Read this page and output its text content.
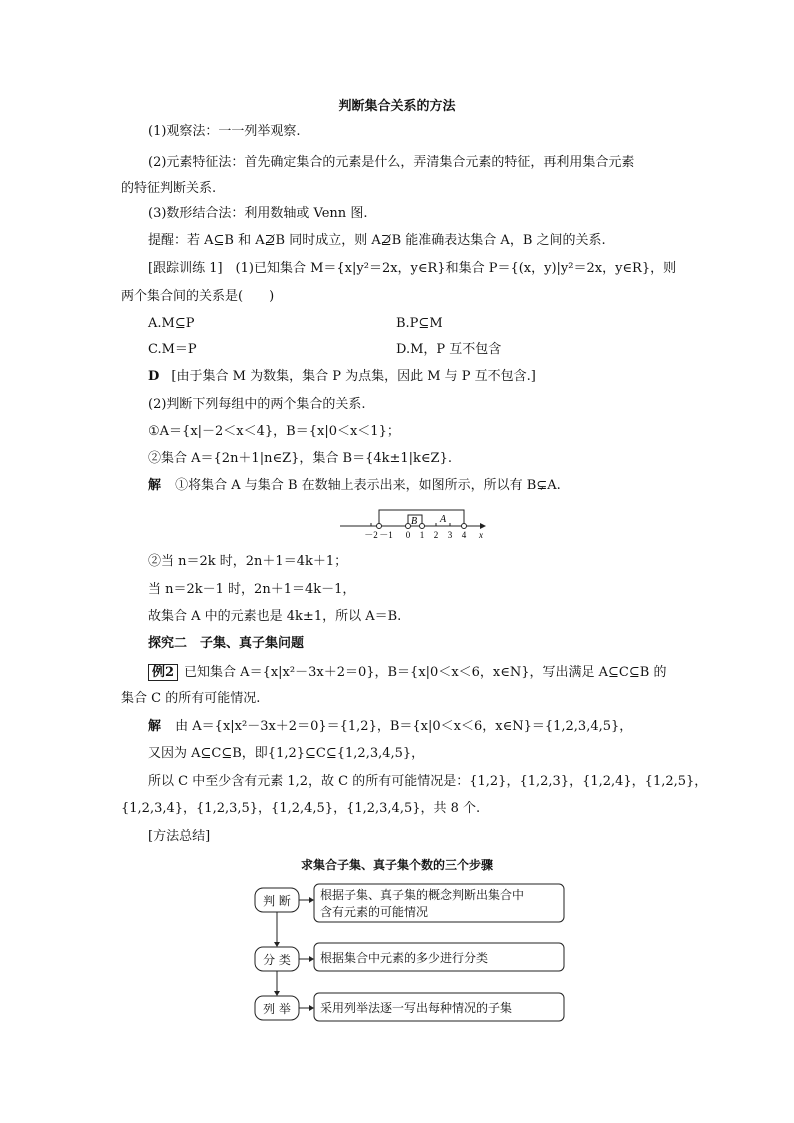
判断集合关系的方法
(1)观察法：一一列举观察.
(2)元素特征法：首先确定集合的元素是什么，弄清集合元素的特征，再利用集合元素
的特征判断关系.
(3)数形结合法：利用数轴或 Venn 图.
提醒：若 A⊆B 和 A⊉B 同时成立，则 A⊉B 能准确表达集合 A，B 之间的关系.
[跟踪训练 1]　(1)已知集合 M＝{x|y²＝2x，y∈R}和集合 P＝{(x，y)|y²＝2x，y∈R}，则
两个集合间的关系是(　　)
A.M⊆P	B.P⊆M
C.M＝P	D.M，P 互不包含
D [由于集合 M 为数集，集合 P 为点集，因此 M 与 P 互不包含.]
(2)判断下列每组中的两个集合的关系.
①A＝{x|－2＜x＜4}，B＝{x|0＜x＜1}；
②集合 A＝{2n＋1|n∈Z}，集合 B＝{4k±1|k∈Z}.
解 ①将集合 A 与集合 B 在数轴上表示出来，如图所示，所以有 B⊊A.
B A
－2 －1 0 1 2 3 4 x
②当 n＝2k 时，2n＋1＝4k＋1；
当 n＝2k－1 时，2n＋1＝4k－1，
故集合 A 中的元素也是 4k±1，所以 A＝B.
探究二　子集、真子集问题
例2 已知集合 A＝{x|x²－3x＋2＝0}，B＝{x|0＜x＜6，x∈N}，写出满足 A⊆C⊆B 的
集合 C 的所有可能情况.
解 由 A＝{x|x²－3x＋2＝0}＝{1,2}，B＝{x|0＜x＜6，x∈N}＝{1,2,3,4,5}，
又因为 A⊆C⊆B，即{1,2}⊆C⊆{1,2,3,4,5}，
所以 C 中至少含有元素 1,2，故 C 的所有可能情况是：{1,2}，{1,2,3}，{1,2,4}，{1,2,5}，
{1,2,3,4}，{1,2,3,5}，{1,2,4,5}，{1,2,3,4,5}，共 8 个.
[方法总结]
求集合子集、真子集个数的三个步骤
判 断
分 类
列 举
根据子集、真子集的概念判断出集合中
含有元素的可能情况
根据集合中元素的多少进行分类
采用列举法逐一写出每种情况的子集
